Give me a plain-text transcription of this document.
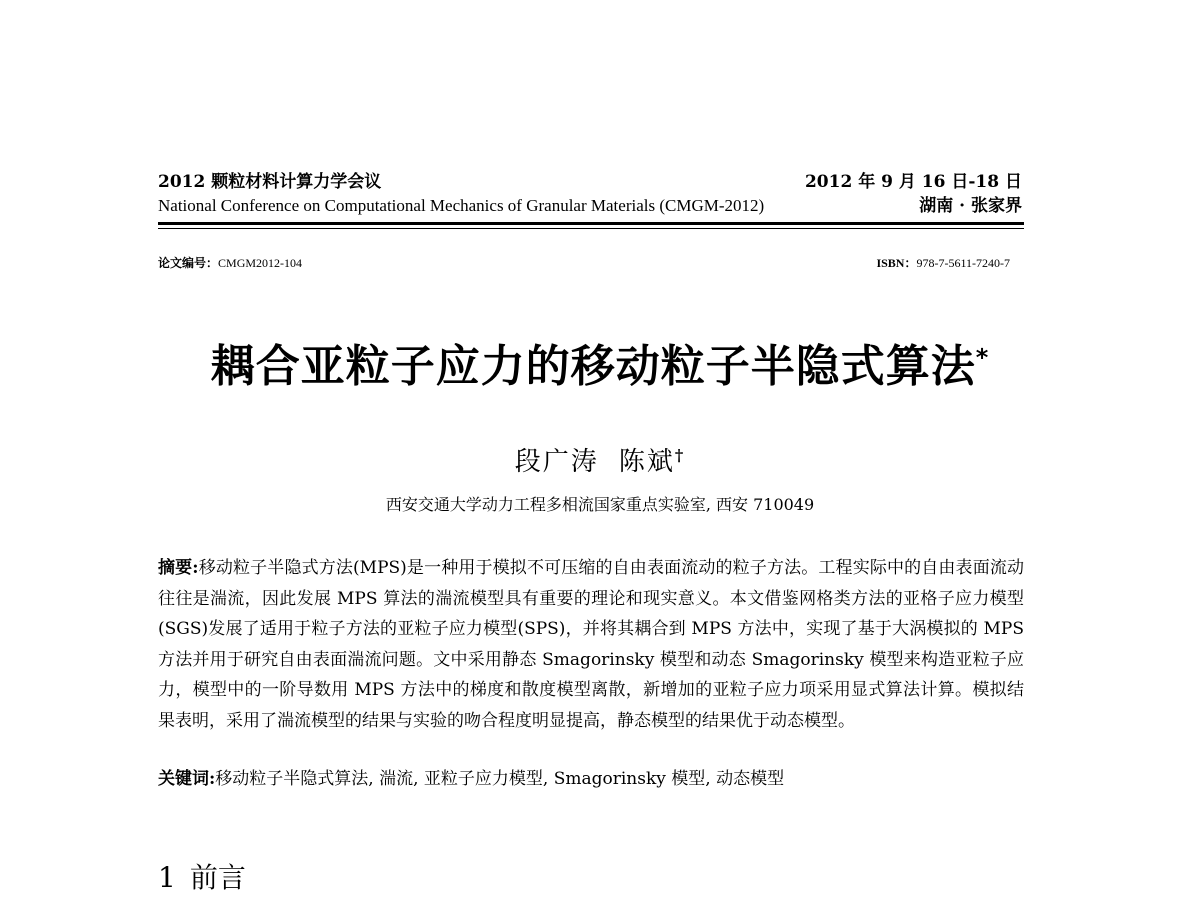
2012 颗粒材料计算力学会议
National Conference on Computational Mechanics of Granular Materials (CMGM-2012)
2012 年 9 月 16 日-18 日
湖南 · 张家界
论文编号：CMGM2012-104	ISBN：978-7-5611-7240-7
耦合亚粒子应力的移动粒子半隐式算法*
段广涛 陈斌†
西安交通大学动力工程多相流国家重点实验室, 西安 710049
摘要:移动粒子半隐式方法(MPS)是一种用于模拟不可压缩的自由表面流动的粒子方法。工程实际中的自由表面流动往往是湍流，因此发展 MPS 算法的湍流模型具有重要的理论和现实意义。本文借鉴网格类方法的亚格子应力模型(SGS)发展了适用于粒子方法的亚粒子应力模型(SPS)，并将其耦合到 MPS 方法中，实现了基于大涡模拟的 MPS 方法并用于研究自由表面湍流问题。文中采用静态 Smagorinsky 模型和动态 Smagorinsky 模型来构造亚粒子应力，模型中的一阶导数用 MPS 方法中的梯度和散度模型离散，新增加的亚粒子应力项采用显式算法计算。模拟结果表明，采用了湍流模型的结果与实验的吻合程度明显提高，静态模型的结果优于动态模型。
关键词:移动粒子半隐式算法, 湍流, 亚粒子应力模型, Smagorinsky 模型, 动态模型
1 前言
